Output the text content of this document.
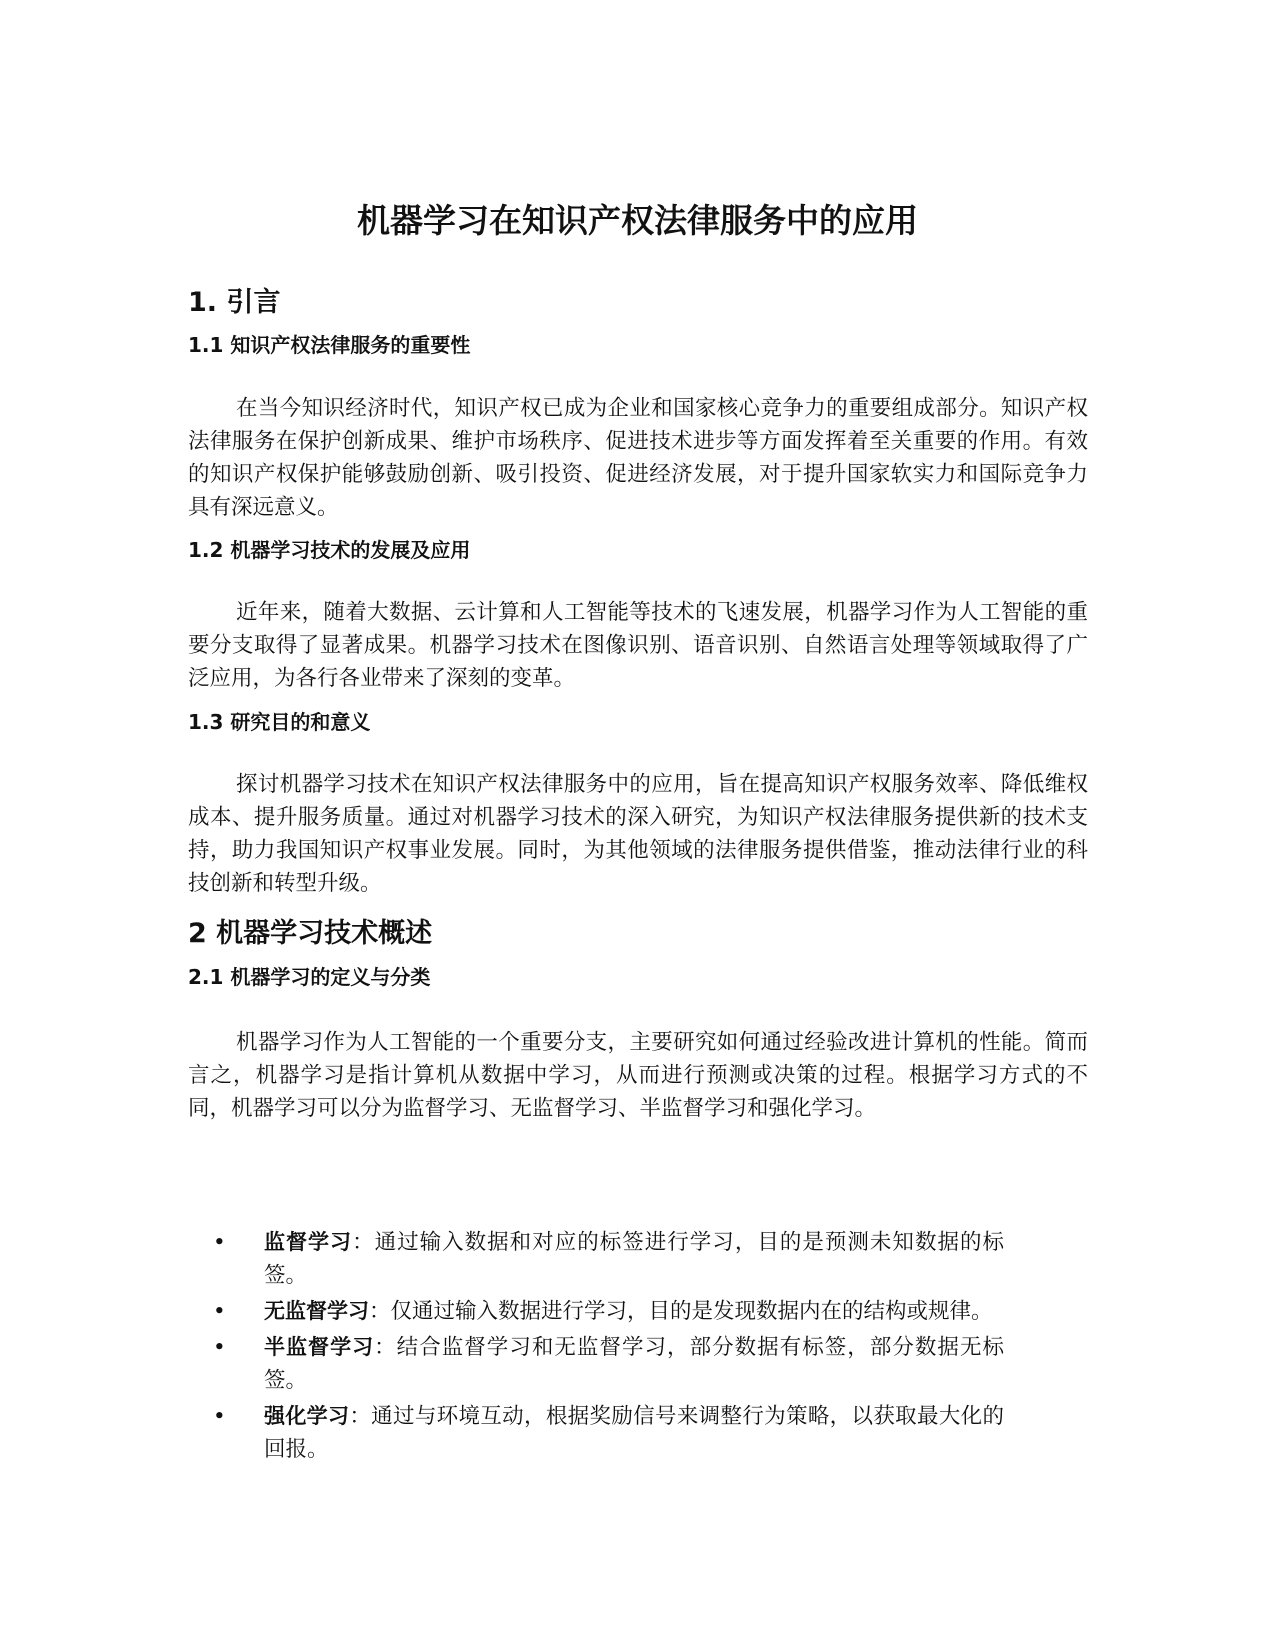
机器学习在知识产权法律服务中的应用
1. 引言
1.1 知识产权法律服务的重要性

在当今知识经济时代，知识产权已成为企业和国家核心竞争力的重要组成部分。知识产权法律服务在保护创新成果、维护市场秩序、促进技术进步等方面发挥着至关重要的作用。有效的知识产权保护能够鼓励创新、吸引投资、促进经济发展，对于提升国家软实力和国际竞争力具有深远意义。

1.2 机器学习技术的发展及应用

近年来，随着大数据、云计算和人工智能等技术的飞速发展，机器学习作为人工智能的重要分支取得了显著成果。机器学习技术在图像识别、语音识别、自然语言处理等领域取得了广泛应用，为各行各业带来了深刻的变革。

1.3 研究目的和意义

探讨机器学习技术在知识产权法律服务中的应用，旨在提高知识产权服务效率、降低维权成本、提升服务质量。通过对机器学习技术的深入研究，为知识产权法律服务提供新的技术支持，助力我国知识产权事业发展。同时，为其他领域的法律服务提供借鉴，推动法律行业的科技创新和转型升级。

2 机器学习技术概述
2.1 机器学习的定义与分类

机器学习作为人工智能的一个重要分支，主要研究如何通过经验改进计算机的性能。简而言之，机器学习是指计算机从数据中学习，从而进行预测或决策的过程。根据学习方式的不同，机器学习可以分为监督学习、无监督学习、半监督学习和强化学习。

• 监督学习：通过输入数据和对应的标签进行学习，目的是预测未知数据的标签。
• 无监督学习：仅通过输入数据进行学习，目的是发现数据内在的结构或规律。
• 半监督学习：结合监督学习和无监督学习，部分数据有标签，部分数据无标签。
• 强化学习：通过与环境互动，根据奖励信号来调整行为策略，以获取最大化的回报。
